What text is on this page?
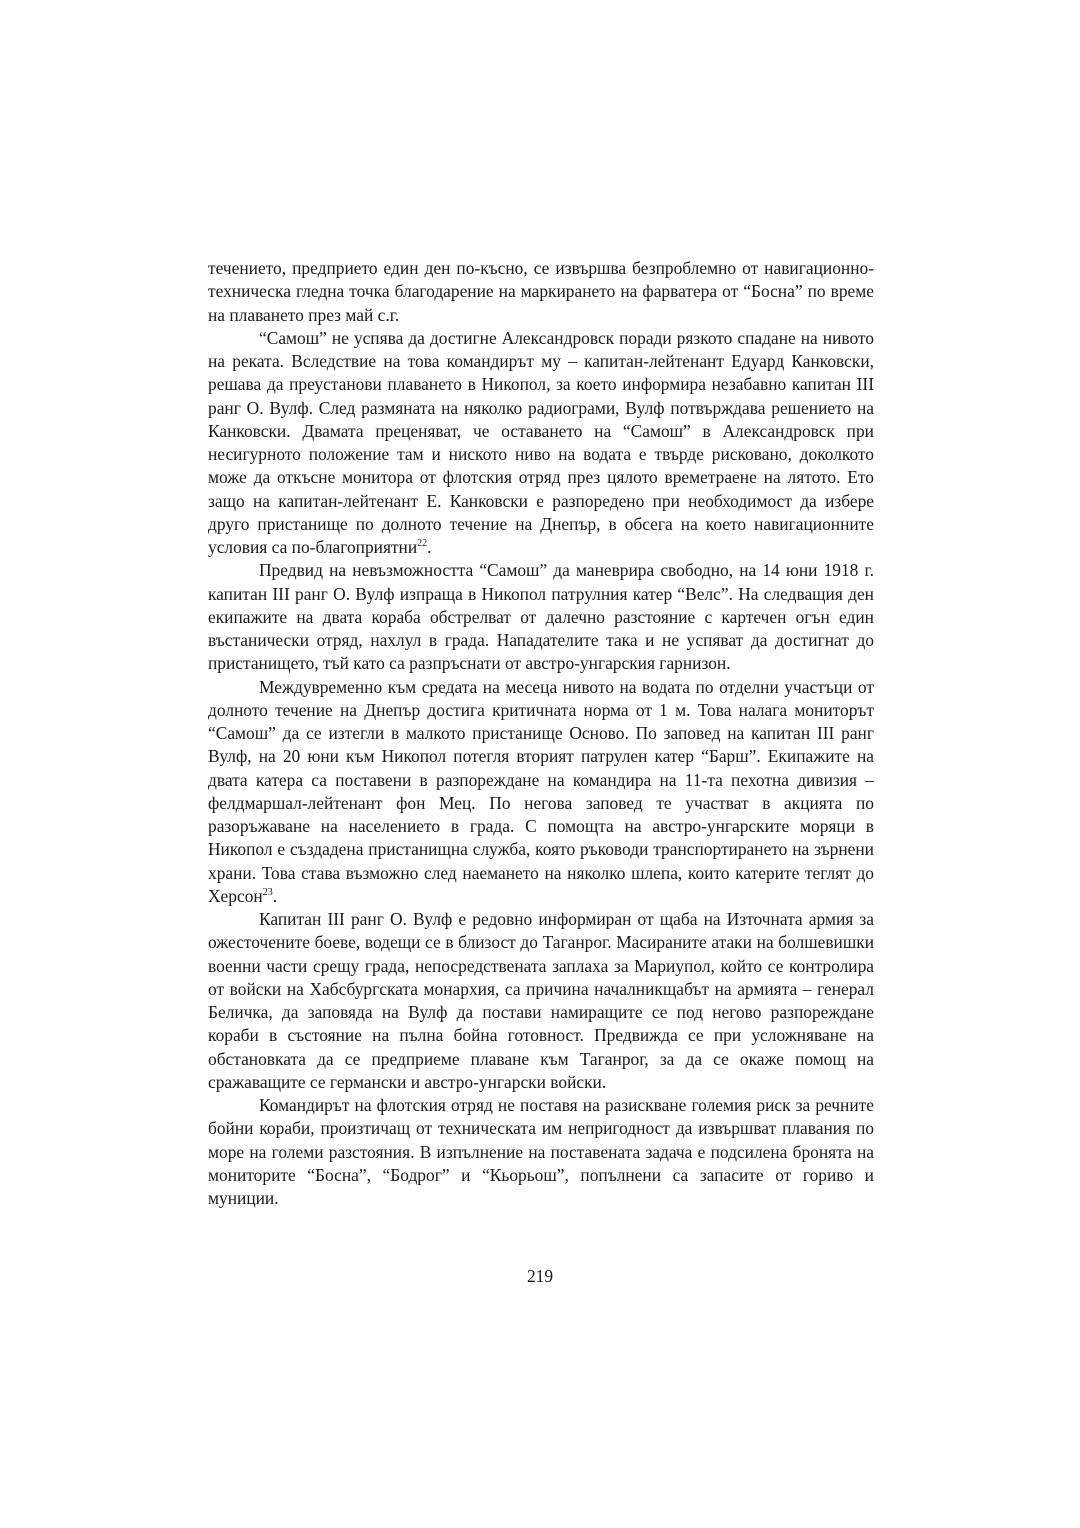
течението, предприето един ден по-късно, се извършва безпроблемно от навигационно-техническа гледна точка благодарение на маркирането на фарватера от “Босна” по време на плаването през май с.г.

“Самош” не успява да достигне Александровск поради рязкото спадане на нивото на реката. Вследствие на това командирът му – капитан-лейтенант Едуард Канковски, решава да преустанови плаването в Никопол, за което информира незабавно капитан III ранг О. Вулф. След размяната на няколко радиограми, Вулф потвърждава решението на Канковски. Двамата преценяват, че оставането на “Самош” в Александровск при несигурното положение там и ниското ниво на водата е твърде рисковано, доколкото може да откъсне монитора от флотския отряд през цялото времетраене на лятото. Ето защо на капитан-лейтенант Е. Канковски е разпоредено при необходимост да избере друго пристанище по долното течение на Днепър, в обсега на което навигационните условия са по-благоприятни$^{22}$.

Предвид на невъзможността “Самош” да маневрира свободно, на 14 юни 1918 г. капитан III ранг О. Вулф изпраща в Никопол патрулния катер “Велс”. На следващия ден екипажите на двата кораба обстрелват от далечно разстояние с картечен огън един въстанически отряд, нахлул в града. Нападателите така и не успяват да достигнат до пристанището, тъй като са разпръснати от австро-унгарския гарнизон.

Междувременно към средата на месеца нивото на водата по отделни участъци от долното течение на Днепър достига критичната норма от 1 м. Това налага мониторът “Самош” да се изтегли в малкото пристанище Осново. По заповед на капитан III ранг Вулф, на 20 юни към Никопол потегля вторият патрулен катер “Барш”. Екипажите на двата катера са поставени в разпореждане на командира на 11-та пехотна дивизия – фелдмаршал-лейтенант фон Мец. По негова заповед те участват в акцията по разоръжаване на населението в града. С помощта на австро-унгарските моряци в Никопол е създадена пристанищна служба, която ръководи транспортирането на зърнени храни. Това става възможно след наемането на няколко шлепа, които катерите теглят до Херсон$^{23}$.

Капитан III ранг О. Вулф е редовно информиран от щаба на Източната армия за ожесточените боеве, водещи се в близост до Таганрог. Масираните атаки на болшевишки военни части срещу града, непосредствената заплаха за Мариупол, който се контролира от войски на Хабсбургската монархия, са причина началникщабът на армията – генерал Беличка, да заповяда на Вулф да постави намиращите се под негово разпореждане кораби в състояние на пълна бойна готовност. Предвижда се при усложняване на обстановката да се предприеме плаване към Таганрог, за да се окаже помощ на сражаващите се германски и австро-унгарски войски.

Командирът на флотския отряд не поставя на разискване големия риск за речните бойни кораби, произтичащ от техническата им непригодност да извършват плавания по море на големи разстояния. В изпълнение на поставената задача е подсилена бронята на мониторите “Босна”, “Бодрог” и “Кьорьош”, попълнени са запасите от гориво и муниции.

219
